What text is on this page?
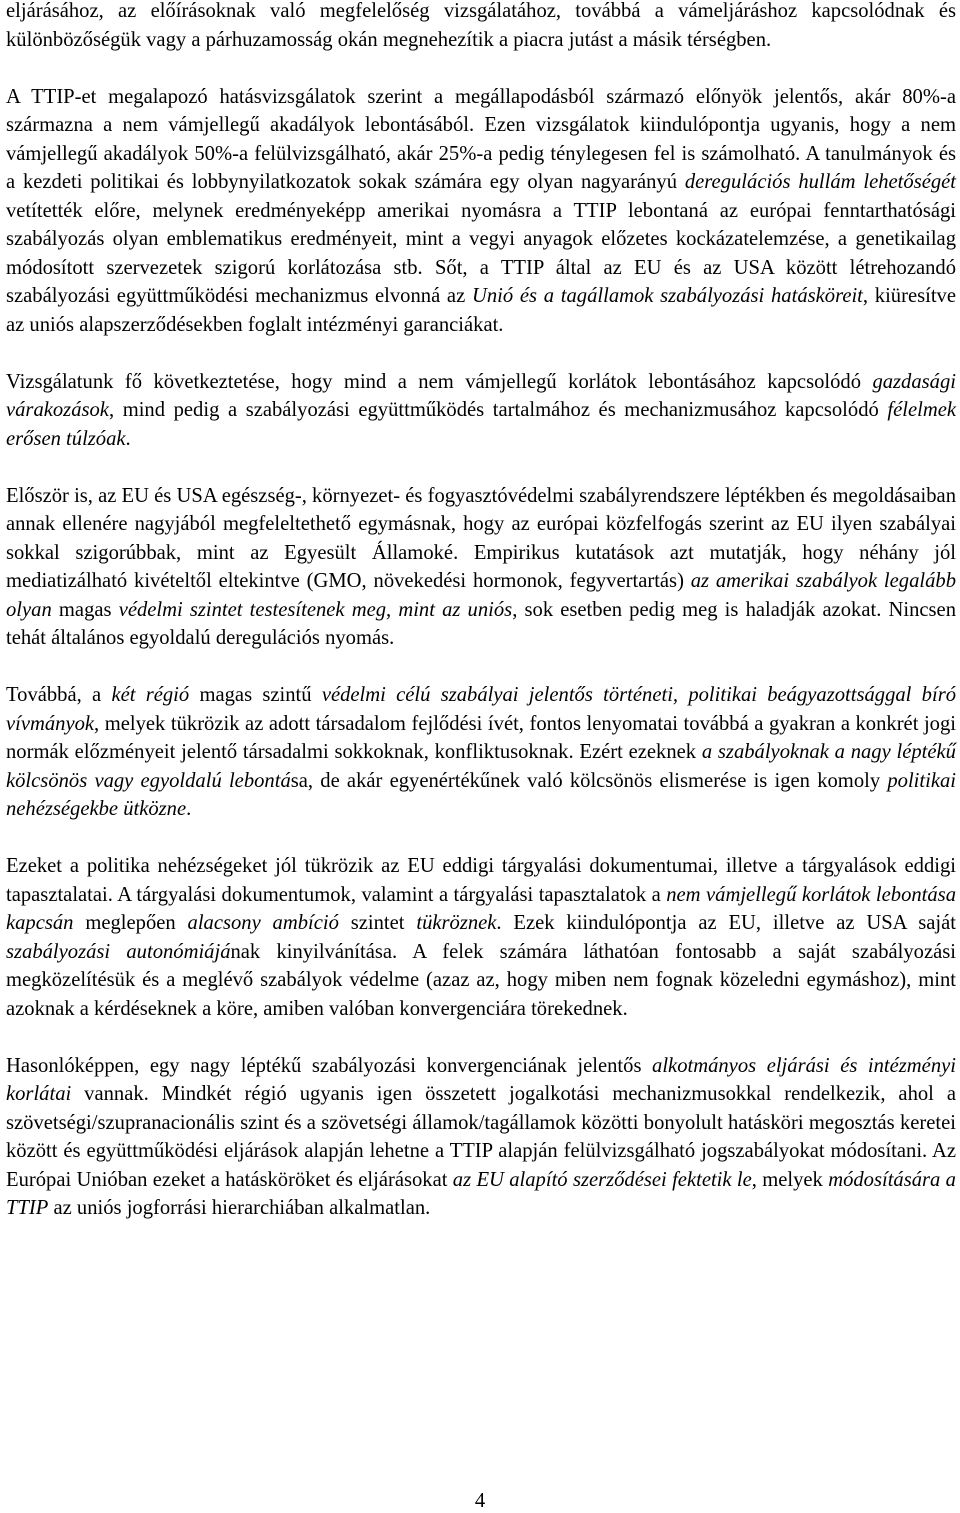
eljárásához, az előírásoknak való megfelelőség vizsgálatához, továbbá a vámeljáráshoz kapcsolódnak és különbözőségük vagy a párhuzamosság okán megnehezítik a piacra jutást a másik térségben.

A TTIP-et megalapozó hatásvizsgálatok szerint a megállapodásból származó előnyök jelentős, akár 80%-a származna a nem vámjellegű akadályok lebontásából. Ezen vizsgálatok kiindulópontja ugyanis, hogy a nem vámjellegű akadályok 50%-a felülvizsgálható, akár 25%-a pedig ténylegesen fel is számolható. A tanulmányok és a kezdeti politikai és lobbynyilatkozatok sokak számára egy olyan nagyarányú deregulációs hullám lehetőségét vetítették előre, melynek eredményeképp amerikai nyomásra a TTIP lebontaná az európai fenntarthatósági szabályozás olyan emblematikus eredményeit, mint a vegyi anyagok előzetes kockázatelemzése, a genetikailag módosított szervezetek szigorú korlátozása stb. Sőt, a TTIP által az EU és az USA között létrehozandó szabályozási együttműködési mechanizmus elvonná az Unió és a tagállamok szabályozási hatásköreit, kiüresítve az uniós alapszerződésekben foglalt intézményi garanciákat.

Vizsgálatunk fő következtetése, hogy mind a nem vámjellegű korlátok lebontásához kapcsolódó gazdasági várakozások, mind pedig a szabályozási együttműködés tartalmához és mechanizmusához kapcsolódó félelmek erősen túlzóak.

Először is, az EU és USA egészség-, környezet- és fogyasztóvédelmi szabályrendszere léptékben és megoldásaiban annak ellenére nagyjából megfeleltethető egymásnak, hogy az európai közfelfogás szerint az EU ilyen szabályai sokkal szigorúbbak, mint az Egyesült Államoké. Empirikus kutatások azt mutatják, hogy néhány jól mediatizálható kivételtől eltekintve (GMO, növekedési hormonok, fegyvertartás) az amerikai szabályok legalább olyan magas védelmi szintet testesítenek meg, mint az uniós, sok esetben pedig meg is haladják azokat. Nincsen tehát általános egyoldalú deregulációs nyomás.

Továbbá, a két régió magas szintű védelmi célú szabályai jelentős történeti, politikai beágyazottsággal bíró vívmányok, melyek tükrözik az adott társadalom fejlődési ívét, fontos lenyomatai továbbá a gyakran a konkrét jogi normák előzményeit jelentő társadalmi sokkoknak, konfliktusoknak. Ezért ezeknek a szabályoknak a nagy léptékű kölcsönös vagy egyoldalú lebontása, de akár egyenértékűnek való kölcsönös elismerése is igen komoly politikai nehézségekbe ütközne.

Ezeket a politika nehézségeket jól tükrözik az EU eddigi tárgyalási dokumentumai, illetve a tárgyalások eddigi tapasztalatai. A tárgyalási dokumentumok, valamint a tárgyalási tapasztalatok a nem vámjellegű korlátok lebontása kapcsán meglepően alacsony ambíció szintet tükröznek. Ezek kiindulópontja az EU, illetve az USA saját szabályozási autonómiájának kinyilvánítása. A felek számára láthatóan fontosabb a saját szabályozási megközelítésük és a meglévő szabályok védelme (azaz az, hogy miben nem fognak közeledni egymáshoz), mint azoknak a kérdéseknek a köre, amiben valóban konvergenciára törekednek.

Hasonlóképpen, egy nagy léptékű szabályozási konvergenciának jelentős alkotmányos eljárási és intézményi korlátai vannak. Mindkét régió ugyanis igen összetett jogalkotási mechanizmusokkal rendelkezik, ahol a szövetségi/szupranacionális szint és a szövetségi államok/tagállamok közötti bonyolult hatásköri megosztás keretei között és együttműködési eljárások alapján lehetne a TTIP alapján felülvizsgálható jogszabályokat módosítani. Az Európai Unióban ezeket a hatásköröket és eljárásokat az EU alapító szerződései fektetik le, melyek módosítására a TTIP az uniós jogforrási hierarchiában alkalmatlan.

4
